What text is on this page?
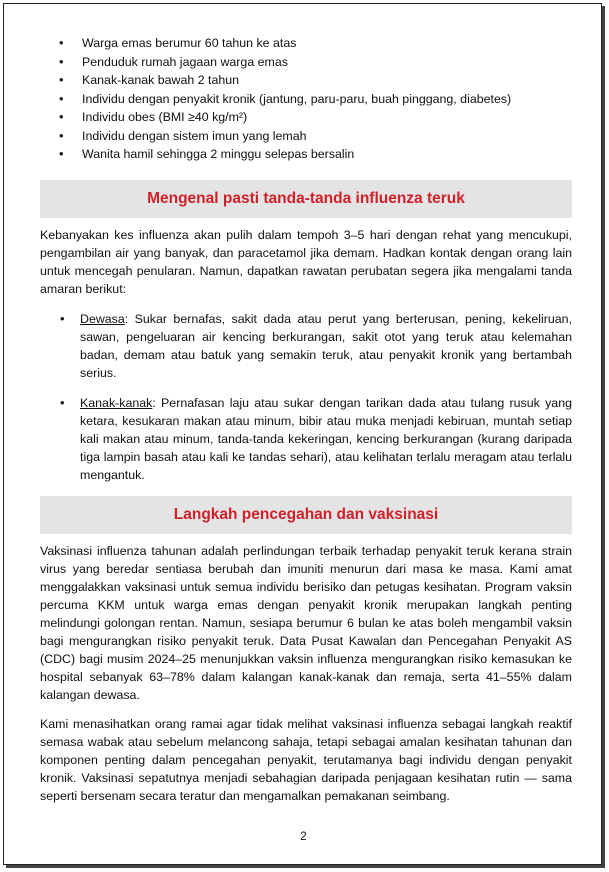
• Warga emas berumur 60 tahun ke atas
• Penduduk rumah jagaan warga emas
• Kanak-kanak bawah 2 tahun
• Individu dengan penyakit kronik (jantung, paru-paru, buah pinggang, diabetes)
• Individu obes (BMI ≥40 kg/m²)
• Individu dengan sistem imun yang lemah
• Wanita hamil sehingga 2 minggu selepas bersalin
Mengenal pasti tanda-tanda influenza teruk

Kebanyakan kes influenza akan pulih dalam tempoh 3–5 hari dengan rehat yang mencukupi, pengambilan air yang banyak, dan paracetamol jika demam. Hadkan kontak dengan orang lain untuk mencegah penularan. Namun, dapatkan rawatan perubatan segera jika mengalami tanda amaran berikut:

• Dewasa: Sukar bernafas, sakit dada atau perut yang berterusan, pening, kekeliruan, sawan, pengeluaran air kencing berkurangan, sakit otot yang teruk atau kelemahan badan, demam atau batuk yang semakin teruk, atau penyakit kronik yang bertambah serius.
• Kanak-kanak: Pernafasan laju atau sukar dengan tarikan dada atau tulang rusuk yang ketara, kesukaran makan atau minum, bibir atau muka menjadi kebiruan, muntah setiap kali makan atau minum, tanda-tanda kekeringan, kencing berkurangan (kurang daripada tiga lampin basah atau kali ke tandas sehari), atau kelihatan terlalu meragam atau terlalu mengantuk.
Langkah pencegahan dan vaksinasi

Vaksinasi influenza tahunan adalah perlindungan terbaik terhadap penyakit teruk kerana strain virus yang beredar sentiasa berubah dan imuniti menurun dari masa ke masa. Kami amat menggalakkan vaksinasi untuk semua individu berisiko dan petugas kesihatan. Program vaksin percuma KKM untuk warga emas dengan penyakit kronik merupakan langkah penting melindungi golongan rentan. Namun, sesiapa berumur 6 bulan ke atas boleh mengambil vaksin bagi mengurangkan risiko penyakit teruk. Data Pusat Kawalan dan Pencegahan Penyakit AS (CDC) bagi musim 2024–25 menunjukkan vaksin influenza mengurangkan risiko kemasukan ke hospital sebanyak 63–78% dalam kalangan kanak-kanak dan remaja, serta 41–55% dalam kalangan dewasa.

Kami menasihatkan orang ramai agar tidak melihat vaksinasi influenza sebagai langkah reaktif semasa wabak atau sebelum melancong sahaja, tetapi sebagai amalan kesihatan tahunan dan komponen penting dalam pencegahan penyakit, terutamanya bagi individu dengan penyakit kronik. Vaksinasi sepatutnya menjadi sebahagian daripada penjagaan kesihatan rutin — sama seperti bersenam secara teratur dan mengamalkan pemakanan seimbang.

2
